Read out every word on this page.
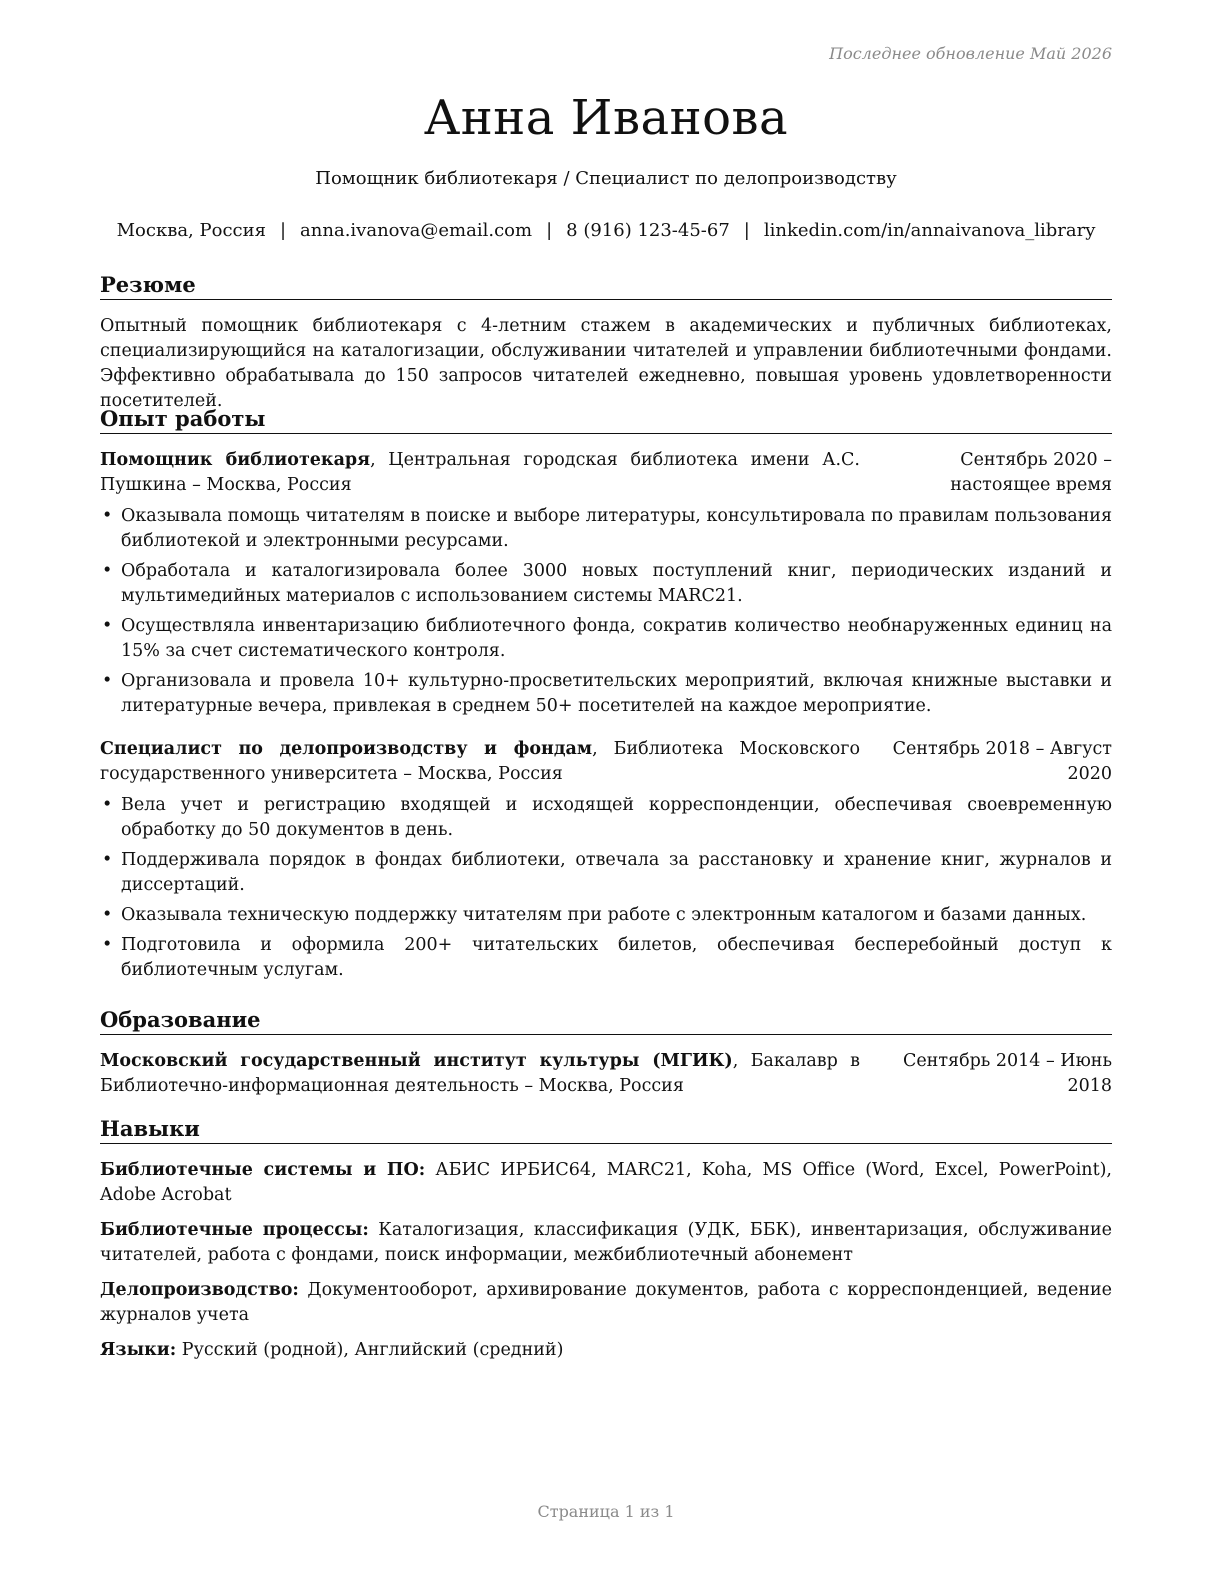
Последнее обновление Май 2026
Анна Иванова
Помощник библиотекаря / Специалист по делопроизводству
Москва, Россия | anna.ivanova@email.com | 8 (916) 123-45-67 | linkedin.com/in/annaivanova_library
Резюме

Опытный помощник библиотекаря с 4-летним стажем в академических и публичных библиотеках, специализирующийся на каталогизации, обслуживании читателей и управлении библиотечными фондами. Эффективно обрабатывала до 150 запросов читателей ежедневно, повышая уровень удовлетворенности посетителей.

Опыт работы
Помощник библиотекаря, Центральная городская библиотека имени А.С. Пушкина – Москва, Россия
Сентябрь 2020 – настоящее время
• Оказывала помощь читателям в поиске и выборе литературы, консультировала по правилам пользования библиотекой и электронными ресурсами.
• Обработала и каталогизировала более 3000 новых поступлений книг, периодических изданий и мультимедийных материалов с использованием системы MARC21.
• Осуществляла инвентаризацию библиотечного фонда, сократив количество необнаруженных единиц на 15% за счет систематического контроля.
• Организовала и провела 10+ культурно-просветительских мероприятий, включая книжные выставки и литературные вечера, привлекая в среднем 50+ посетителей на каждое мероприятие.
Специалист по делопроизводству и фондам, Библиотека Московского государственного университета – Москва, Россия
Сентябрь 2018 – Август 2020
• Вела учет и регистрацию входящей и исходящей корреспонденции, обеспечивая своевременную обработку до 50 документов в день.
• Поддерживала порядок в фондах библиотеки, отвечала за расстановку и хранение книг, журналов и диссертаций.
• Оказывала техническую поддержку читателям при работе с электронным каталогом и базами данных.
• Подготовила и оформила 200+ читательских билетов, обеспечивая бесперебойный доступ к библиотечным услугам.
Образование
Московский государственный институт культуры (МГИК), Бакалавр в Библиотечно-информационная деятельность – Москва, Россия
Сентябрь 2014 – Июнь 2018
Навыки

Библиотечные системы и ПО: АБИС ИРБИС64, MARC21, Koha, MS Office (Word, Excel, PowerPoint), Adobe Acrobat

Библиотечные процессы: Каталогизация, классификация (УДК, ББК), инвентаризация, обслуживание читателей, работа с фондами, поиск информации, межбиблиотечный абонемент

Делопроизводство: Документооборот, архивирование документов, работа с корреспонденцией, ведение журналов учета

Языки: Русский (родной), Английский (средний)

Страница 1 из 1
